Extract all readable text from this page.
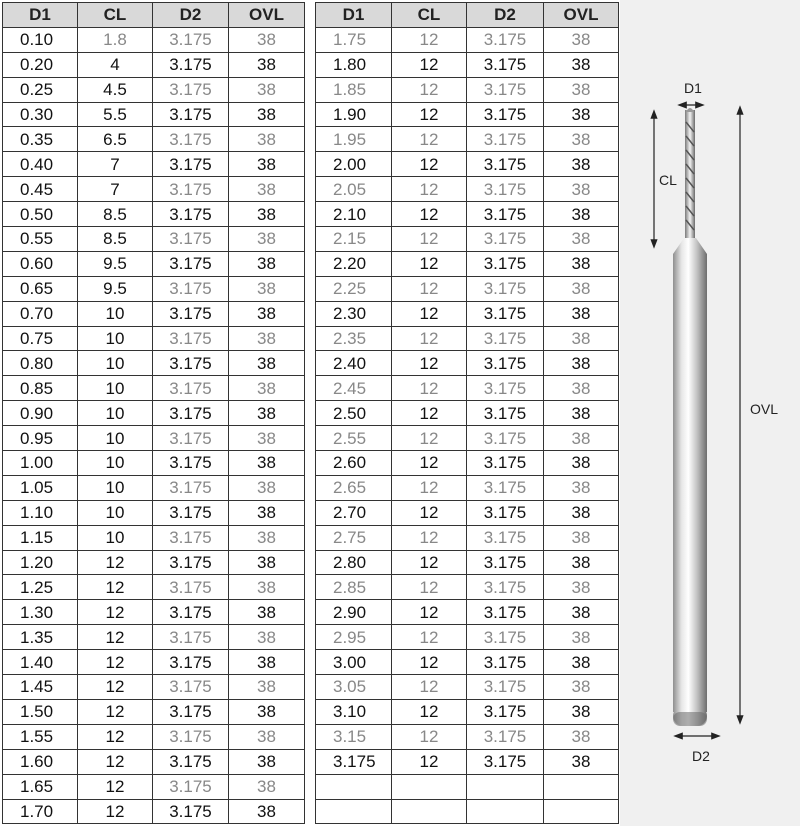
D1	CL	D2	OVL
0.10	1.8	3.175	38
0.20	4	3.175	38
0.25	4.5	3.175	38
0.30	5.5	3.175	38
0.35	6.5	3.175	38
0.40	7	3.175	38
0.45	7	3.175	38
0.50	8.5	3.175	38
0.55	8.5	3.175	38
0.60	9.5	3.175	38
0.65	9.5	3.175	38
0.70	10	3.175	38
0.75	10	3.175	38
0.80	10	3.175	38
0.85	10	3.175	38
0.90	10	3.175	38
0.95	10	3.175	38
1.00	10	3.175	38
1.05	10	3.175	38
1.10	10	3.175	38
1.15	10	3.175	38
1.20	12	3.175	38
1.25	12	3.175	38
1.30	12	3.175	38
1.35	12	3.175	38
1.40	12	3.175	38
1.45	12	3.175	38
1.50	12	3.175	38
1.55	12	3.175	38
1.60	12	3.175	38
1.65	12	3.175	38
1.70	12	3.175	38
D1	CL	D2	OVL
1.75	12	3.175	38
1.80	12	3.175	38
1.85	12	3.175	38
1.90	12	3.175	38
1.95	12	3.175	38
2.00	12	3.175	38
2.05	12	3.175	38
2.10	12	3.175	38
2.15	12	3.175	38
2.20	12	3.175	38
2.25	12	3.175	38
2.30	12	3.175	38
2.35	12	3.175	38
2.40	12	3.175	38
2.45	12	3.175	38
2.50	12	3.175	38
2.55	12	3.175	38
2.60	12	3.175	38
2.65	12	3.175	38
2.70	12	3.175	38
2.75	12	3.175	38
2.80	12	3.175	38
2.85	12	3.175	38
2.90	12	3.175	38
2.95	12	3.175	38
3.00	12	3.175	38
3.05	12	3.175	38
3.10	12	3.175	38
3.15	12	3.175	38
3.175	12	3.175	38

D1
CL
OVL
D2
